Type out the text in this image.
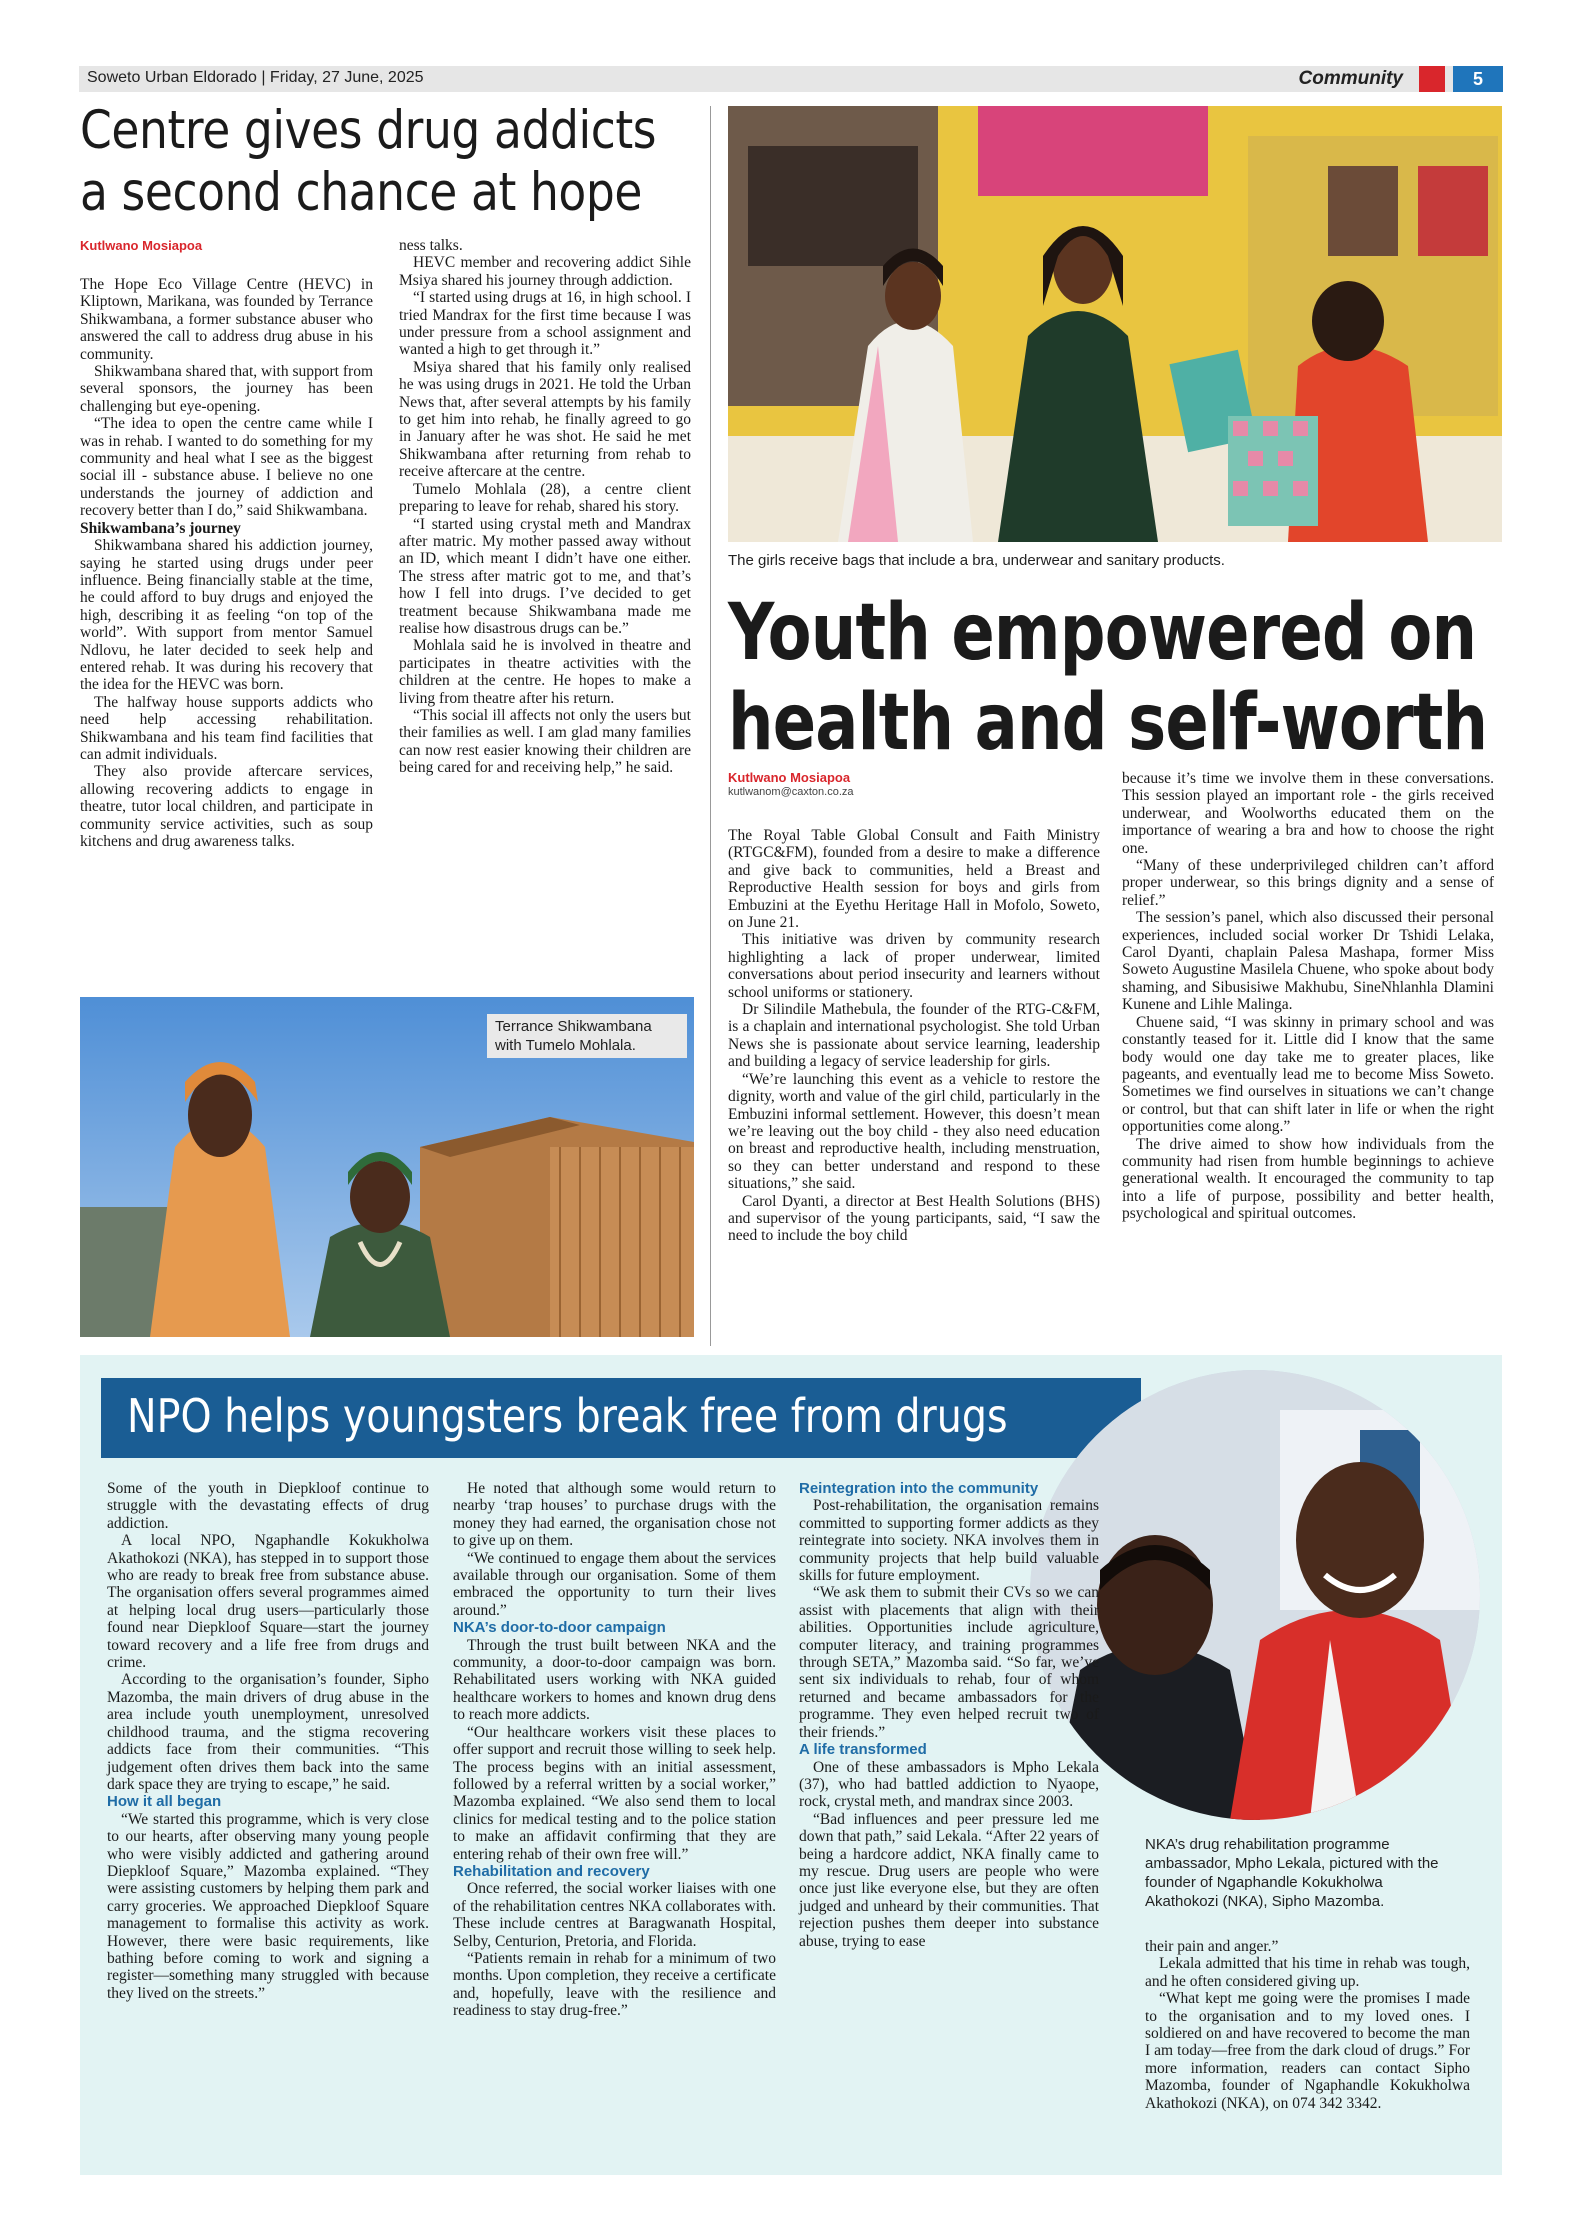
Soweto Urban Eldorado | Friday, 27 June, 2025	Community	5
Centre gives drug addicts
a second chance at hope
Kutlwano Mosiapoa

The Hope Eco Village Centre (HEVC) in Kliptown, Marikana, was founded by Terrance Shikwambana, a former substance abuser who answered the call to address drug abuse in his community.

Shikwambana shared that, with support from several sponsors, the journey has been challenging but eye-opening.

“The idea to open the centre came while I was in rehab. I wanted to do something for my community and heal what I see as the biggest social ill - substance abuse. I believe no one understands the journey of addiction and recovery better than I do,” said Shikwambana.

Shikwambana’s journey

Shikwambana shared his addiction journey, saying he started using drugs under peer influence. Being financially stable at the time, he could afford to buy drugs and enjoyed the high, describing it as feeling “on top of the world”. With support from mentor Samuel Ndlovu, he later decided to seek help and entered rehab. It was during his recovery that the idea for the HEVC was born.

The halfway house supports addicts who need help accessing rehabilitation. Shikwambana and his team find facilities that can admit individuals.

They also provide aftercare services, allowing recovering addicts to engage in theatre, tutor local children, and participate in community service activities, such as soup kitchens and drug awareness talks.

ness talks.

HEVC member and recovering addict Sihle Msiya shared his journey through addiction.

“I started using drugs at 16, in high school. I tried Mandrax for the first time because I was under pressure from a school assignment and wanted a high to get through it.”

Msiya shared that his family only realised he was using drugs in 2021. He told the Urban News that, after several attempts by his family to get him into rehab, he finally agreed to go in January after he was shot. He said he met Shikwambana after returning from rehab to receive aftercare at the centre.

Tumelo Mohlala (28), a centre client preparing to leave for rehab, shared his story.

“I started using crystal meth and Mandrax after matric. My mother passed away without an ID, which meant I didn’t have one either. The stress after matric got to me, and that’s how I fell into drugs. I’ve decided to get treatment because Shikwambana made me realise how disastrous drugs can be.”

Mohlala said he is involved in theatre and participates in theatre activities with the children at the centre. He hopes to make a living from theatre after his return.

“This social ill affects not only the users but their families as well. I am glad many families can now rest easier knowing their children are being cared for and receiving help,” he said.

Terrance Shikwambana with Tumelo Mohlala.
The girls receive bags that include a bra, underwear and sanitary products.
Youth empowered on
health and self-worth
Kutlwano Mosiapoa
kutlwanom@caxton.co.za

The Royal Table Global Consult and Faith Ministry (RTGC&FM), founded from a desire to make a difference and give back to communities, held a Breast and Reproductive Health session for boys and girls from Embuzini at the Eyethu Heritage Hall in Mofolo, Soweto, on June 21.

This initiative was driven by community research highlighting a lack of proper underwear, limited conversations about period insecurity and learners without school uniforms or stationery.

Dr Silindile Mathebula, the founder of the RTG-C&FM, is a chaplain and international psychologist. She told Urban News she is passionate about service learning, leadership and building a legacy of service leadership for girls.

“We’re launching this event as a vehicle to restore the dignity, worth and value of the girl child, particularly in the Embuzini informal settlement. However, this doesn’t mean we’re leaving out the boy child - they also need education on breast and reproductive health, including menstruation, so they can better understand and respond to these situations,” she said.

Carol Dyanti, a director at Best Health Solutions (BHS) and supervisor of the young participants, said, “I saw the need to include the boy child

because it’s time we involve them in these conversations. This session played an important role - the girls received underwear, and Woolworths educated them on the importance of wearing a bra and how to choose the right one.

“Many of these underprivileged children can’t afford proper underwear, so this brings dignity and a sense of relief.”

The session’s panel, which also discussed their personal experiences, included social worker Dr Tshidi Lelaka, Carol Dyanti, chaplain Palesa Mashapa, former Miss Soweto Augustine Masilela Chuene, who spoke about body shaming, and Sibusisiwe Makhubu, SineNhlanhla Dlamini Kunene and Lihle Malinga.

Chuene said, “I was skinny in primary school and was constantly teased for it. Little did I know that the same body would one day take me to greater places, like pageants, and eventually lead me to become Miss Soweto. Sometimes we find ourselves in situations we can’t change or control, but that can shift later in life or when the right opportunities come along.”

The drive aimed to show how individuals from the community had risen from humble beginnings to achieve generational wealth. It encouraged the community to tap into a life of purpose, possibility and better health, psychological and spiritual outcomes.

NPO helps youngsters break free from drugs

Some of the youth in Diepkloof continue to struggle with the devastating effects of drug addiction.

A local NPO, Ngaphandle Kokukholwa Akathokozi (NKA), has stepped in to support those who are ready to break free from substance abuse. The organisation offers several programmes aimed at helping local drug users—particularly those found near Diepkloof Square—start the journey toward recovery and a life free from drugs and crime.

According to the organisation’s founder, Sipho Mazomba, the main drivers of drug abuse in the area include youth unemployment, unresolved childhood trauma, and the stigma recovering addicts face from their communities. “This judgement often drives them back into the same dark space they are trying to escape,” he said.

How it all began

“We started this programme, which is very close to our hearts, after observing many young people who were visibly addicted and gathering around Diepkloof Square,” Mazomba explained. “They were assisting customers by helping them park and carry groceries. We approached Diepkloof Square management to formalise this activity as work. However, there were basic requirements, like bathing before coming to work and signing a register—something many struggled with because they lived on the streets.”

He noted that although some would return to nearby ‘trap houses’ to purchase drugs with the money they had earned, the organisation chose not to give up on them.

“We continued to engage them about the services available through our organisation. Some of them embraced the opportunity to turn their lives around.”

NKA’s door-to-door campaign

Through the trust built between NKA and the community, a door-to-door campaign was born. Rehabilitated users working with NKA guided healthcare workers to homes and known drug dens to reach more addicts.

“Our healthcare workers visit these places to offer support and recruit those willing to seek help. The process begins with an initial assessment, followed by a referral written by a social worker,” Mazomba explained. “We also send them to local clinics for medical testing and to the police station to make an affidavit confirming that they are entering rehab of their own free will.”

Rehabilitation and recovery

Once referred, the social worker liaises with one of the rehabilitation centres NKA collaborates with. These include centres at Baragwanath Hospital, Selby, Centurion, Pretoria, and Florida.

“Patients remain in rehab for a minimum of two months. Upon completion, they receive a certificate and, hopefully, leave with the resilience and readiness to stay drug-free.”

Reintegration into the community

Post-rehabilitation, the organisation remains committed to supporting former addicts as they reintegrate into society. NKA involves them in community projects that help build valuable skills for future employment.

“We ask them to submit their CVs so we can assist with placements that align with their abilities. Opportunities include agriculture, computer literacy, and training programmes through SETA,” Mazomba said. “So far, we’ve sent six individuals to rehab, four of whom returned and became ambassadors for the programme. They even helped recruit two of their friends.”

A life transformed

One of these ambassadors is Mpho Lekala (37), who had battled addiction to Nyaope, rock, crystal meth, and mandrax since 2003.

“Bad influences and peer pressure led me down that path,” said Lekala. “After 22 years of being a hardcore addict, NKA finally came to my rescue. Drug users are people who were once just like everyone else, but they are often judged and unheard by their communities. That rejection pushes them deeper into substance abuse, trying to ease

NKA’s drug rehabilitation programme ambassador, Mpho Lekala, pictured with the founder of Ngaphandle Kokukholwa Akathokozi (NKA), Sipho Mazomba.

their pain and anger.”

Lekala admitted that his time in rehab was tough, and he often considered giving up.

“What kept me going were the promises I made to the organisation and to my loved ones. I soldiered on and have recovered to become the man I am today—free from the dark cloud of drugs.” For more information, readers can contact Sipho Mazomba, founder of Ngaphandle Kokukholwa Akathokozi (NKA), on 074 342 3342.
